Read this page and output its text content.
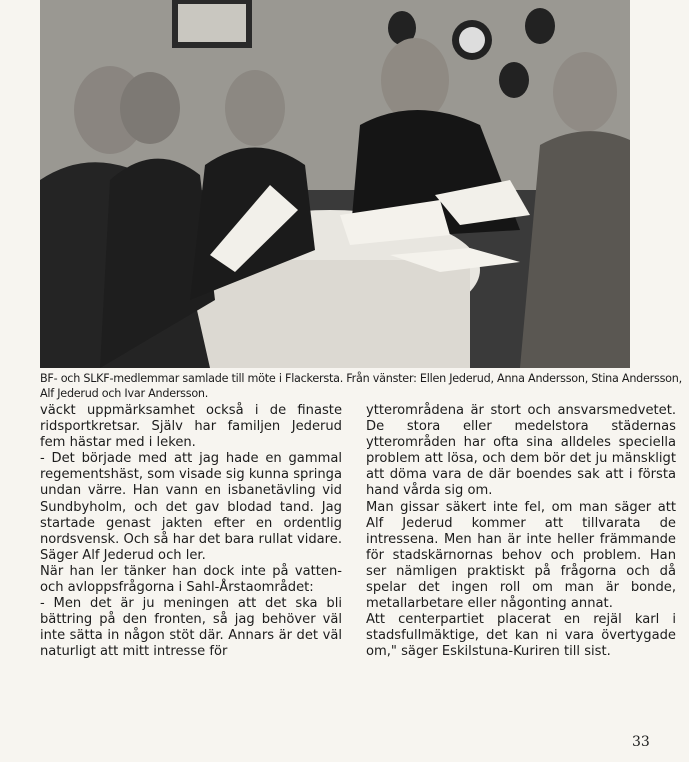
BF- och SLKF-medlemmar samlade till möte i Flackersta. Från vänster: Ellen Jederud, Anna Andersson, Stina Andersson, Alf Jederud och Ivar Andersson.

väckt uppmärksamhet också i de finaste ridsportkretsar. Själv har familjen Jederud fem hästar med i leken.

- Det började med att jag hade en gammal regementshäst, som visade sig kunna springa undan värre. Han vann en isbanetävling vid Sundbyholm, och det gav blodad tand. Jag startade genast jakten efter en ordentlig nordsvensk. Och så har det bara rullat vidare. Säger Alf Jederud och ler.

När han ler tänker han dock inte på vatten- och avloppsfrågorna i Sahl-Årstaområdet:

- Men det är ju meningen att det ska bli bättring på den fronten, så jag behöver väl inte sätta in någon stöt där. Annars är det väl naturligt att mitt intresse för

ytterområdena är stort och ansvarsmedvetet. De stora eller medelstora städernas ytterområden har ofta sina alldeles speciella problem att lösa, och dem bör det ju mänskligt att döma vara de där boendes sak att i första hand vårda sig om.

Man gissar säkert inte fel, om man säger att Alf Jederud kommer att tillvarata de intressena. Men han är inte heller främmande för stadskärnornas behov och problem. Han ser nämligen praktiskt på frågorna och då spelar det ingen roll om man är bonde, metallarbetare eller någonting annat.

Att centerpartiet placerat en rejäl karl i stadsfullmäktige, det kan ni vara övertygade om," säger Eskilstuna-Kuriren till sist.

33
